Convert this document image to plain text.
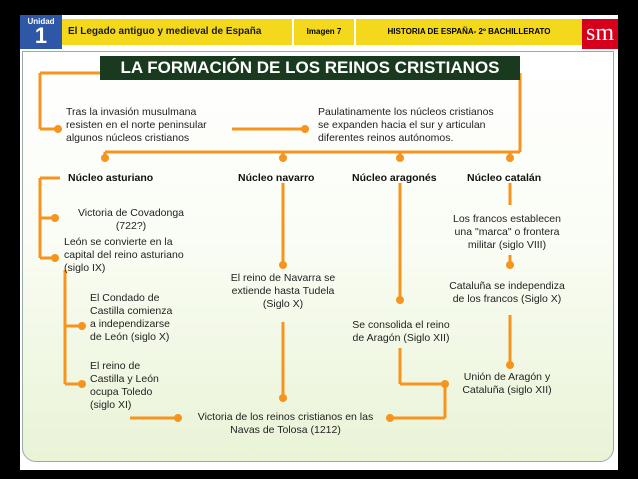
Unidad
1	El Legado antiguo y medieval de España	Imagen 7	HISTORIA DE ESPAÑA- 2º BACHILLERATO	sm
LA FORMACIÓN DE LOS REINOS CRISTIANOS
Tras la invasión musulmana
resisten en el norte peninsular
algunos núcleos cristianos
Paulatinamente los núcleos cristianos
se expanden hacia el sur y articulan
diferentes reinos autónomos.
Núcleo asturiano	Núcleo navarro	Núcleo aragonés	Núcleo catalán
Victoria de Covadonga
(722?)
León se convierte en la
capital del reino asturiano
(siglo IX)
El Condado de
Castilla comienza
a independizarse
de León (siglo X)
El reino de
Castilla y León
ocupa Toledo
(siglo XI)
El reino de Navarra se
extiende hasta Tudela
(Siglo X)
Se consolida el reino
de Aragón (Siglo XII)
Los francos establecen
una "marca" o frontera
militar (siglo VIII)
Cataluña se independiza
de los francos (Siglo X)
Unión de Aragón y
Cataluña (siglo XII)
Victoria de los reinos cristianos en las
Navas de Tolosa (1212)
